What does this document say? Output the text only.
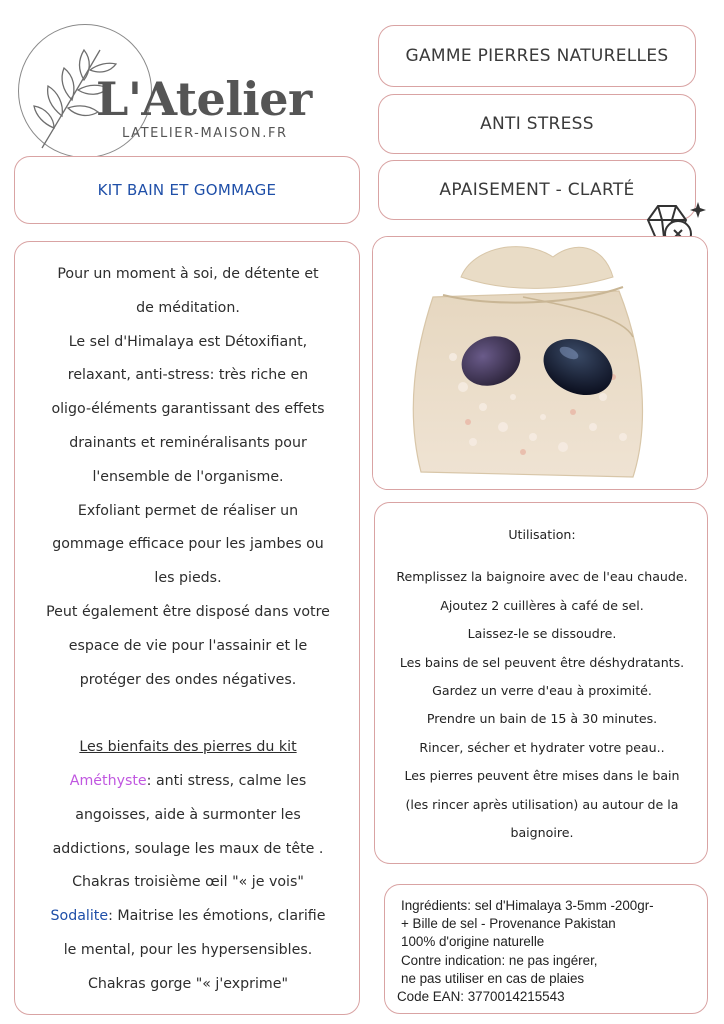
L'Atelier
LATELIER-MAISON.FR
GAMME PIERRES NATURELLES
ANTI STRESS
APAISEMENT - CLARTÉ
KIT BAIN ET GOMMAGE

Pour un moment à soi, de détente et

de méditation.

Le sel d'Himalaya est Détoxifiant,

relaxant, anti-stress: très riche en

oligo-éléments garantissant des effets

drainants et reminéralisants pour

l'ensemble de l'organisme.

Exfoliant permet de réaliser un

gommage efficace pour les jambes ou

les pieds.

Peut également être disposé dans votre

espace de vie pour l'assainir et le

protéger des ondes négatives.

Les bienfaits des pierres du kit

Améthyste: anti stress, calme les

angoisses, aide à surmonter les

addictions, soulage les maux de tête .

Chakras troisième œil "« je vois"

Sodalite: Maitrise les émotions, clarifie

le mental, pour les hypersensibles.

Chakras gorge "« j'exprime"

Utilisation:

Remplissez la baignoire avec de l'eau chaude.

Ajoutez 2 cuillères à café de sel.

Laissez-le se dissoudre.

Les bains de sel peuvent être déshydratants.

Gardez un verre d'eau à proximité.

Prendre un bain de 15 à 30 minutes.

Rincer, sécher et hydrater votre peau..

Les pierres peuvent être mises dans le bain

(les rincer après utilisation) au autour de la

baignoire.

Ingrédients: sel d'Himalaya 3-5mm -200gr-

+ Bille de sel - Provenance Pakistan

100% d'origine naturelle

Contre indication: ne pas ingérer,

ne pas utiliser en cas de plaies

Code EAN: 3770014215543
